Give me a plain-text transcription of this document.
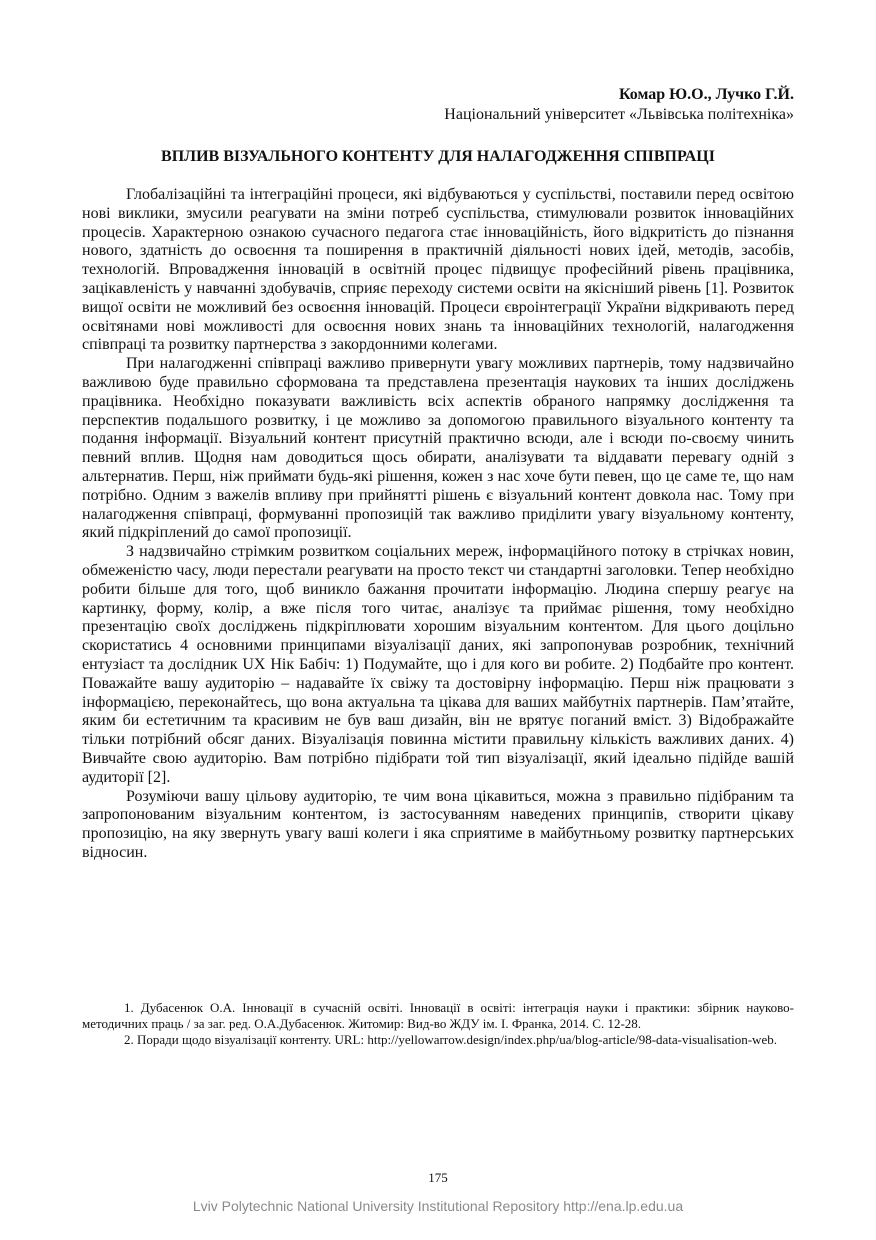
Комар Ю.О., Лучко Г.Й.
Національний університет «Львівська політехніка»
ВПЛИВ ВІЗУАЛЬНОГО КОНТЕНТУ ДЛЯ НАЛАГОДЖЕННЯ СПІВПРАЦІ

Глобалізаційні та інтеграційні процеси, які відбуваються у суспільстві, поставили перед освітою нові виклики, змусили реагувати на зміни потреб суспільства, стимулювали розвиток інноваційних процесів. Характерною ознакою сучасного педагога стає інноваційність, його відкритість до пізнання нового, здатність до освоєння та поширення в практичній діяльності нових ідей, методів, засобів, технологій. Впровадження інновацій в освітній процес підвищує професійний рівень працівника, зацікавленість у навчанні здобувачів, сприяє переходу системи освіти на якісніший рівень [1]. Розвиток вищої освіти не можливий без освоєння інновацій. Процеси євроінтеграції України відкривають перед освітянами нові можливості для освоєння нових знань та інноваційних технологій, налагодження співпраці та розвитку партнерства з закордонними колегами.

При налагодженні співпраці важливо привернути увагу можливих партнерів, тому надзвичайно важливою буде правильно сформована та представлена презентація наукових та інших досліджень працівника. Необхідно показувати важливість всіх аспектів обраного напрямку дослідження та перспектив подальшого розвитку, і це можливо за допомогою правильного візуального контенту та подання інформації. Візуальний контент присутній практично всюди, але і всюди по-своєму чинить певний вплив. Щодня нам доводиться щось обирати, аналізувати та віддавати перевагу одній з альтернатив. Перш, ніж приймати будь-які рішення, кожен з нас хоче бути певен, що це саме те, що нам потрібно. Одним з важелів впливу при прийнятті рішень є візуальний контент довкола нас. Тому при налагодження співпраці, формуванні пропозицій так важливо приділити увагу візуальному контенту, який підкріплений до самої пропозиції.

З надзвичайно стрімким розвитком соціальних мереж, інформаційного потоку в стрічках новин, обмеженістю часу, люди перестали реагувати на просто текст чи стандартні заголовки. Тепер необхідно робити більше для того, щоб виникло бажання прочитати інформацію. Людина спершу реагує на картинку, форму, колір, а вже після того читає, аналізує та приймає рішення, тому необхідно презентацію своїх досліджень підкріплювати хорошим візуальним контентом. Для цього доцільно скористатись 4 основними принципами візуалізації даних, які запропонував розробник, технічний ентузіаст та дослідник UX Нік Бабіч: 1) Подумайте, що і для кого ви робите. 2) Подбайте про контент. Поважайте вашу аудиторію – надавайте їх свіжу та достовірну інформацію. Перш ніж працювати з інформацією, переконайтесь, що вона актуальна та цікава для ваших майбутніх партнерів. Пам’ятайте, яким би естетичним та красивим не був ваш дизайн, він не врятує поганий вміст. 3) Відображайте тільки потрібний обсяг даних. Візуалізація повинна містити правильну кількість важливих даних. 4) Вивчайте свою аудиторію. Вам потрібно підібрати той тип візуалізації, який ідеально підійде вашій аудиторії [2].

Розуміючи вашу цільову аудиторію, те чим вона цікавиться, можна з правильно підібраним та запропонованим візуальним контентом, із застосуванням наведених принципів, створити цікаву пропозицію, на яку звернуть увагу ваші колеги і яка сприятиме в майбутньому розвитку партнерських відносин.

1. Дубасенюк О.А. Інновації в сучасній освіті. Інновації в освіті: інтеграція науки і практики: збірник науково-методичних праць / за заг. ред. О.А.Дубасенюк. Житомир: Вид-во ЖДУ ім. І. Франка, 2014. С. 12-28.

2. Поради щодо візуалізації контенту. URL: http://yellowarrow.design/index.php/ua/blog-article/98-data-visualisation-web.

175
Lviv Polytechnic National University Institutional Repository http://ena.lp.edu.ua
